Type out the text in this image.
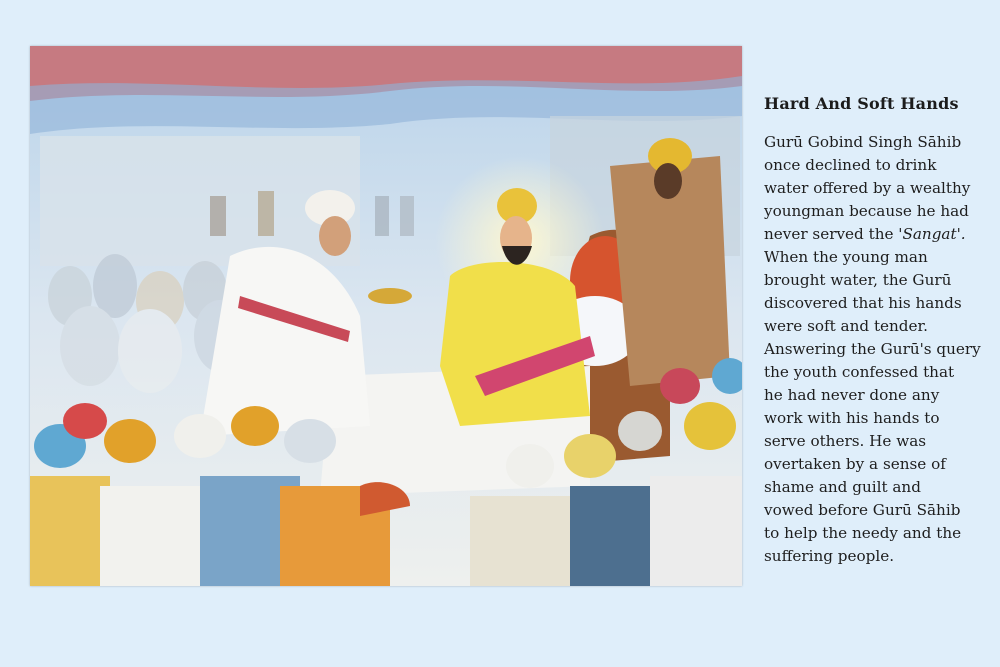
Hard And Soft Hands
Gurū Gobind Singh Sāhib
once declined to drink
water offered by a wealthy
youngman because he had
never served the 'Sangat'.
When the young man
brought water, the Gurū
discovered that his hands
were soft and tender.
Answering the Gurū's query
the youth confessed that
he had never done any
work with his hands to
serve others. He was
overtaken by a sense of
shame and guilt and
vowed before Gurū Sāhib
to help the needy and the
suffering people.
